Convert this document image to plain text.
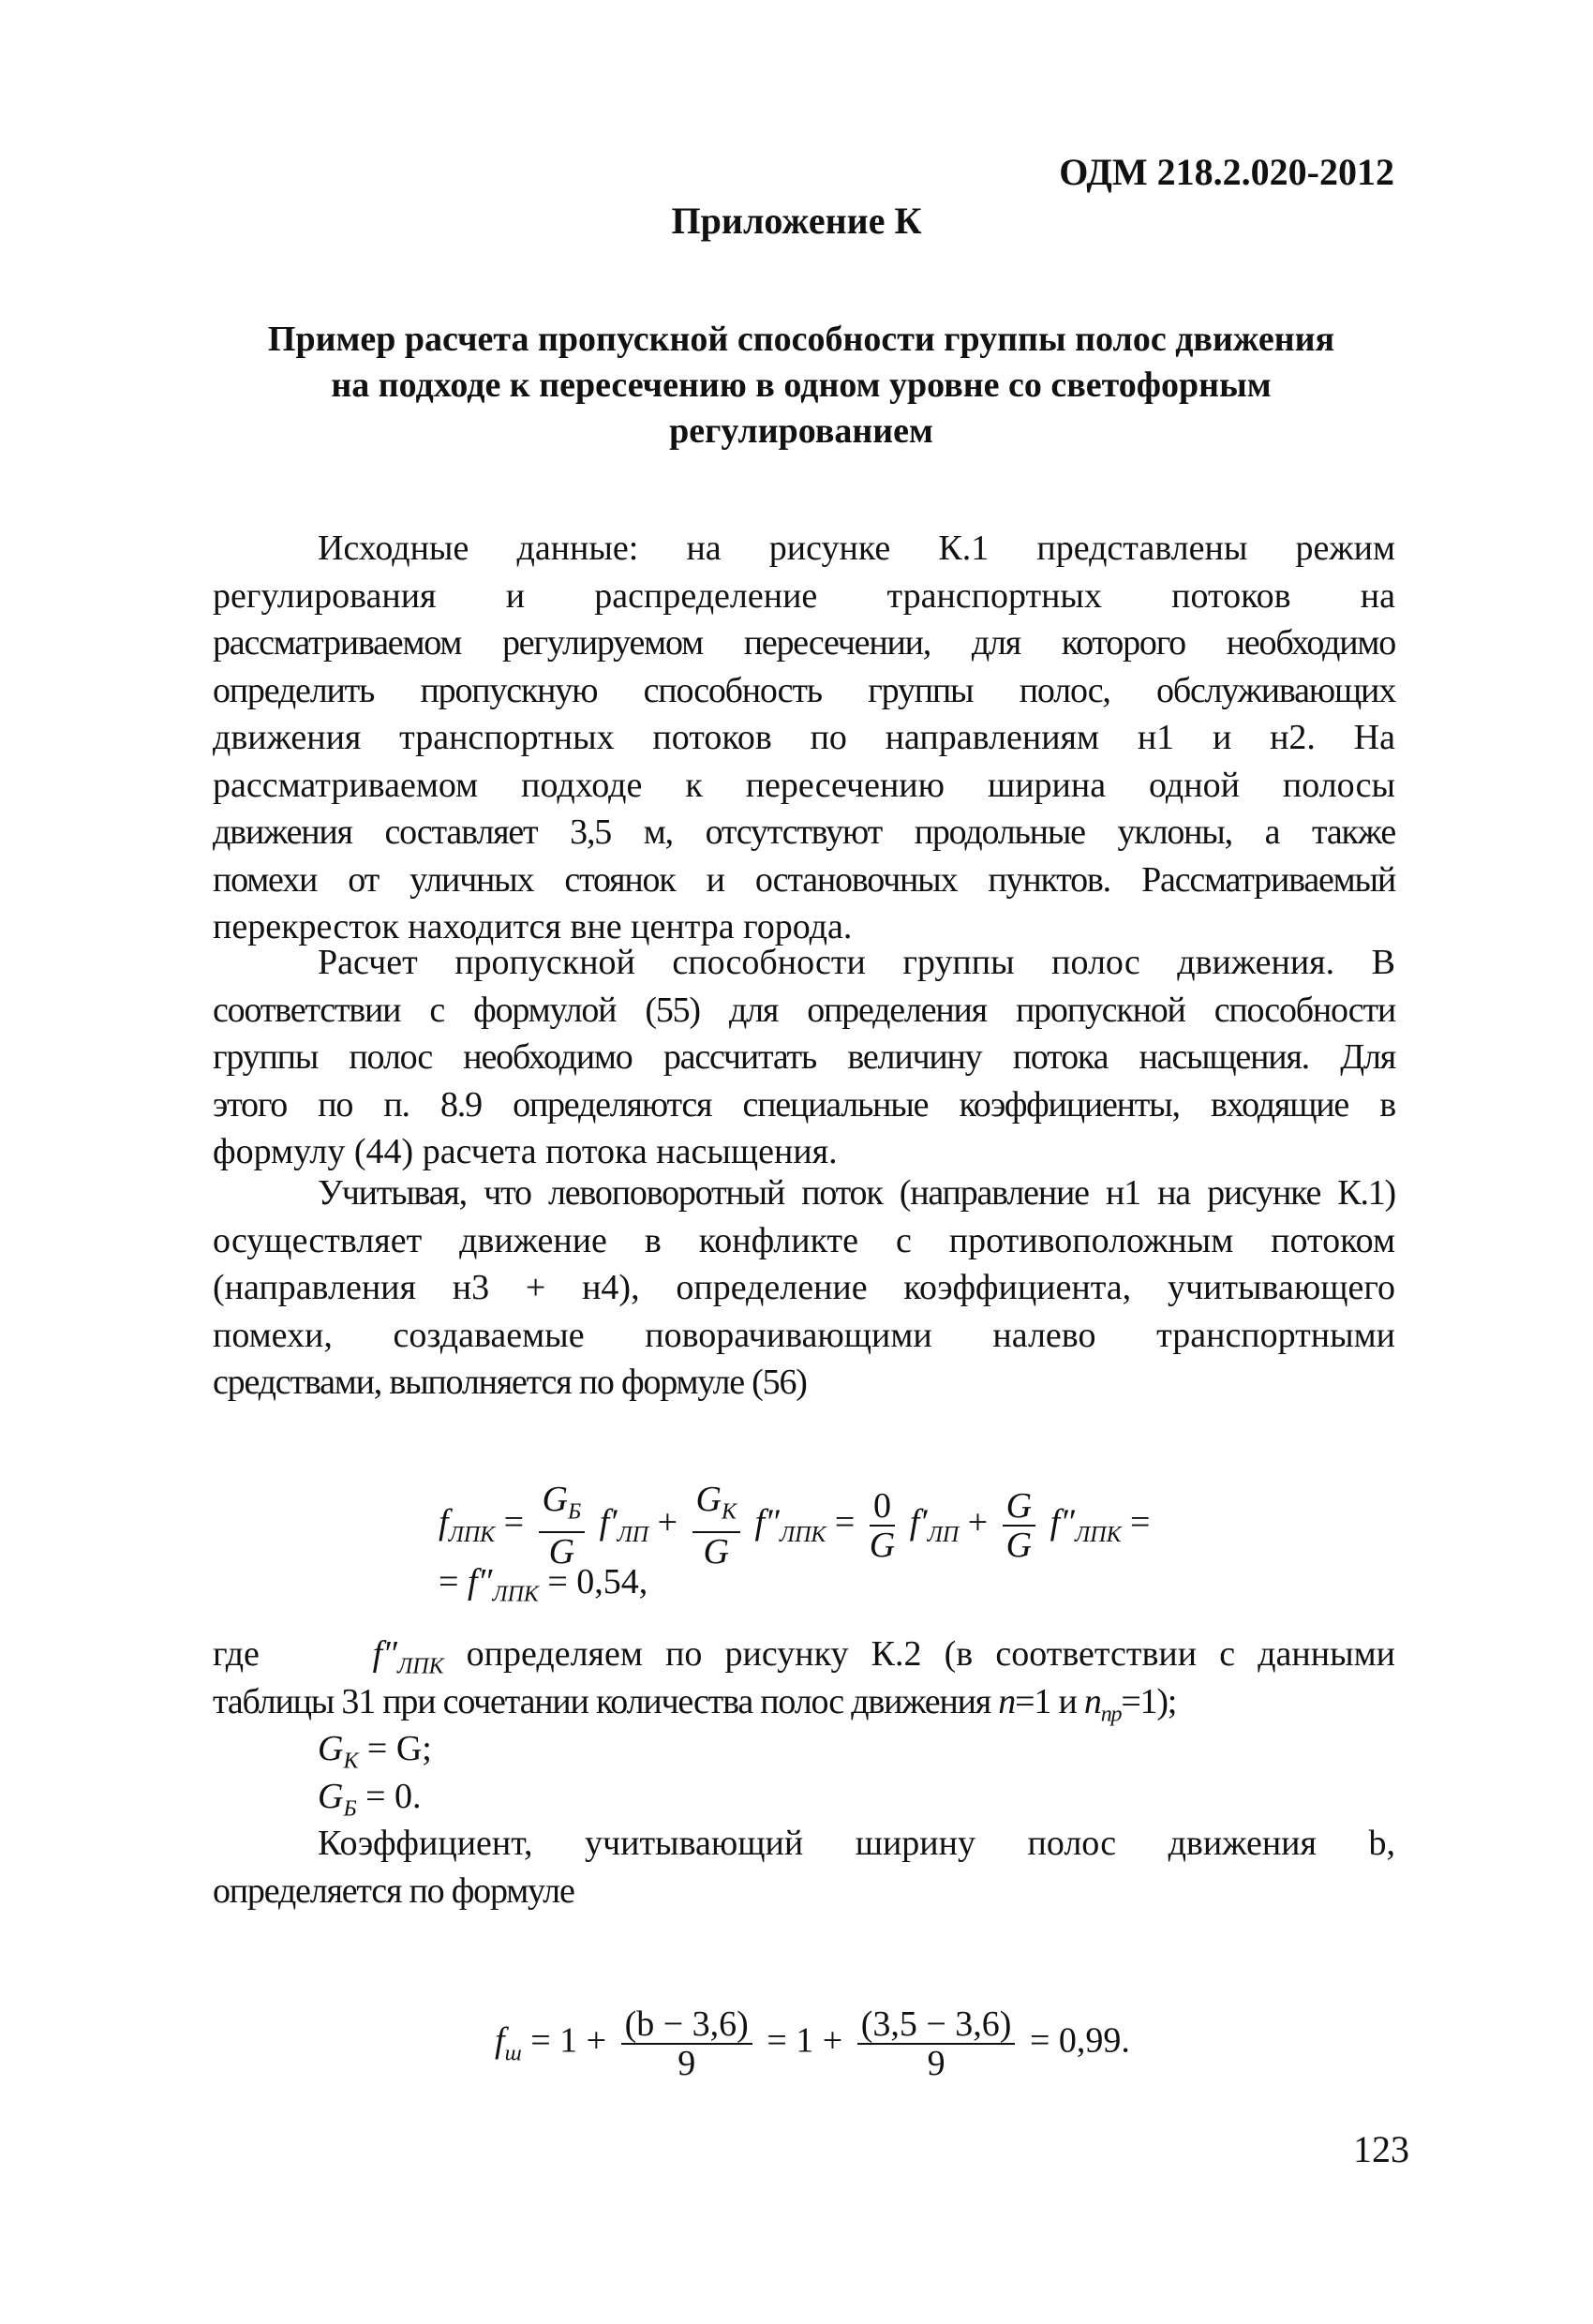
ОДМ 218.2.020-2012
Приложение К
Пример расчета пропускной способности группы полос движения
на подходе к пересечению в одном уровне со светофорным
регулированием
Исходные данные: на рисунке К.1 представлены режим
регулирования и распределение транспортных потоков на
рассматриваемом регулируемом пересечении, для которого необходимо
определить пропускную способность группы полос, обслуживающих
движения транспортных потоков по направлениям н1 и н2. На
рассматриваемом подходе к пересечению ширина одной полосы
движения составляет 3,5 м, отсутствуют продольные уклоны, а также
помехи от уличных стоянок и остановочных пунктов. Рассматриваемый
перекресток находится вне центра города.
Расчет пропускной способности группы полос движения. В
соответствии с формулой (55) для определения пропускной способности
группы полос необходимо рассчитать величину потока насыщения. Для
этого по п. 8.9 определяются специальные коэффициенты, входящие в
формулу (44) расчета потока насыщения.
Учитывая, что левоповоротный поток (направление н1 на рисунке К.1)
осуществляет движение в конфликте с противоположным потоком
(направления н3 + н4), определение коэффициента, учитывающего
помехи, создаваемые поворачивающими налево транспортными
средствами, выполняется по формуле (56)
$f_{ЛПК} = \frac{G_Б}{G} f'_{ЛП} + \frac{G_К}{G} f''_{ЛПК} = \frac{0}{G} f'_{ЛП} + \frac{G}{G} f''_{ЛПК}$ =
= $f''_{ЛПК} = 0,54$,
где	$f''_{ЛПК}$ определяем по рисунку К.2 (в соответствии с данными
таблицы 31 при сочетании количества полос движения n=1 и $n_{пр}=1$);
$G_К = G$;
$G_Б = 0$.
Коэффициент, учитывающий ширину полос движения b,
определяется по формуле
$f_ш = 1 + \frac{(b - 3,6)}{9} = 1 + \frac{(3,5 - 3,6)}{9} = 0,99$.
123
